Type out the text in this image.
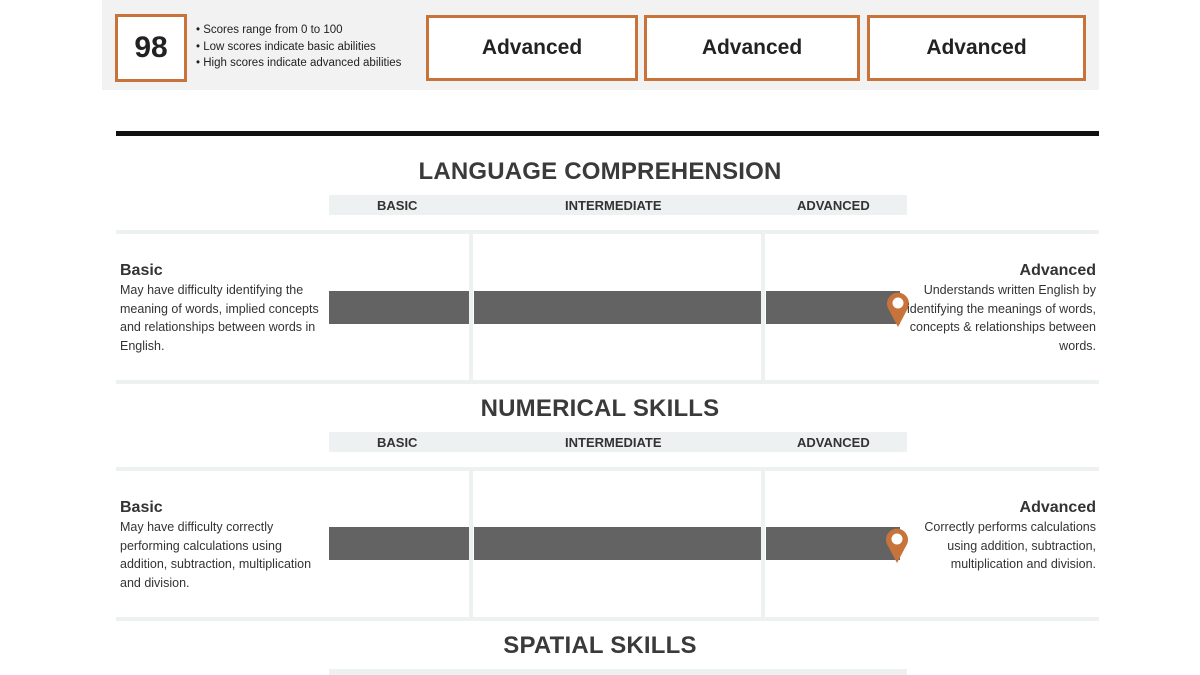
98
• Scores range from 0 to 100
• Low scores indicate basic abilities
• High scores indicate advanced abilities
Advanced	Advanced	Advanced
LANGUAGE COMPREHENSION
BASIC	INTERMEDIATE	ADVANCED
Basic
May have difficulty identifying the meaning of words, implied concepts and relationships between words in English.
Advanced
Understands written English by identifying the meanings of words, concepts & relationships between words.
NUMERICAL SKILLS
BASIC	INTERMEDIATE	ADVANCED
Basic
May have difficulty correctly performing calculations using addition, subtraction, multiplication and division.
Advanced
Correctly performs calculations using addition, subtraction, multiplication and division.
SPATIAL SKILLS
